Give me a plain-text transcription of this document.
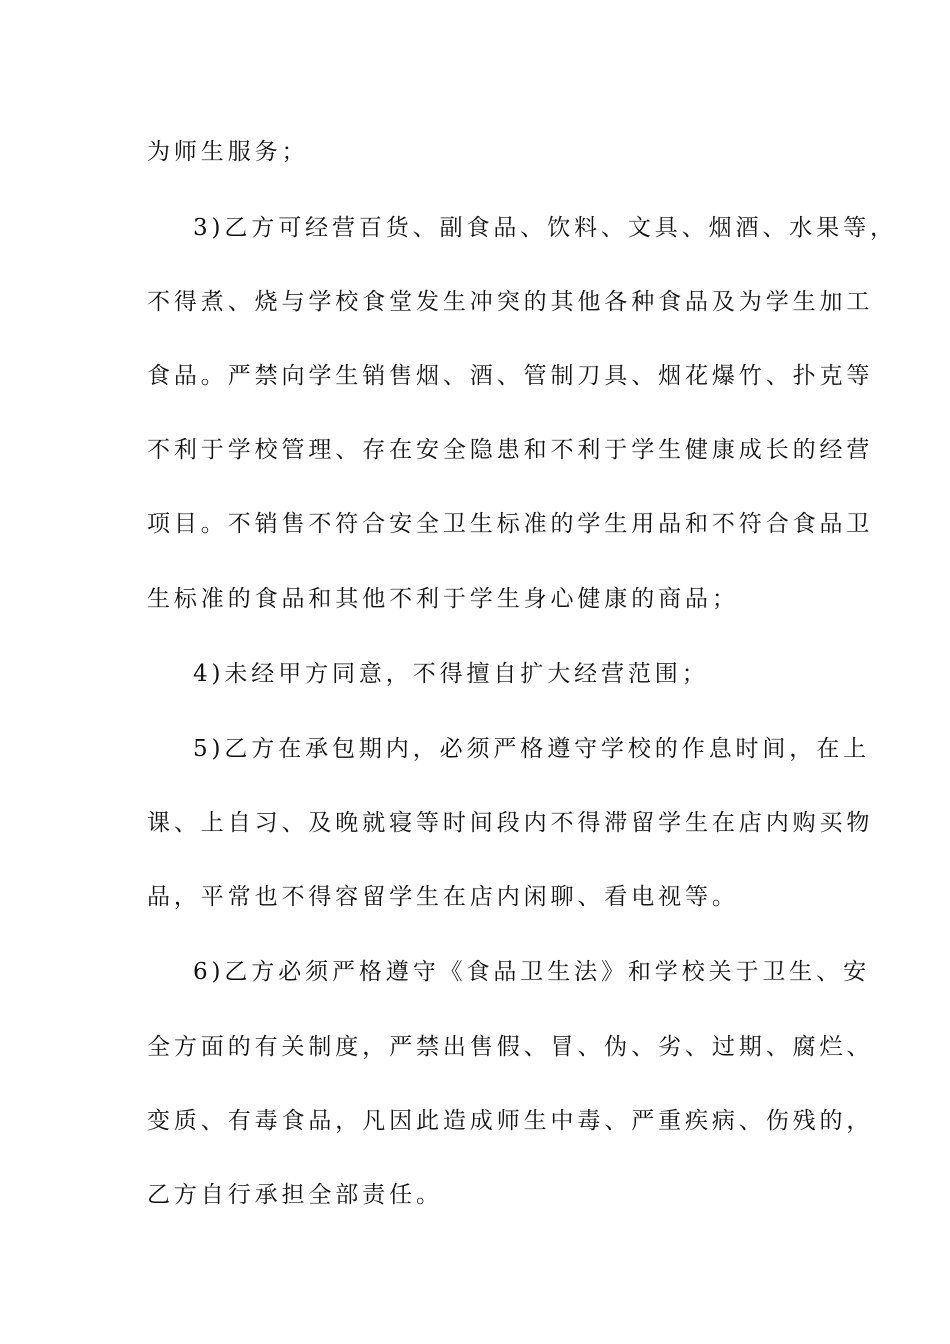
为师生服务；
3)乙方可经营百货、副食品、饮料、文具、烟酒、水果等，
不得煮、烧与学校食堂发生冲突的其他各种食品及为学生加工
食品。严禁向学生销售烟、酒、管制刀具、烟花爆竹、扑克等
不利于学校管理、存在安全隐患和不利于学生健康成长的经营
项目。不销售不符合安全卫生标准的学生用品和不符合食品卫
生标准的食品和其他不利于学生身心健康的商品；
4)未经甲方同意，不得擅自扩大经营范围；
5)乙方在承包期内，必须严格遵守学校的作息时间，在上
课、上自习、及晚就寝等时间段内不得滞留学生在店内购买物
品，平常也不得容留学生在店内闲聊、看电视等。
6)乙方必须严格遵守《食品卫生法》和学校关于卫生、安
全方面的有关制度，严禁出售假、冒、伪、劣、过期、腐烂、
变质、有毒食品，凡因此造成师生中毒、严重疾病、伤残的，
乙方自行承担全部责任。
